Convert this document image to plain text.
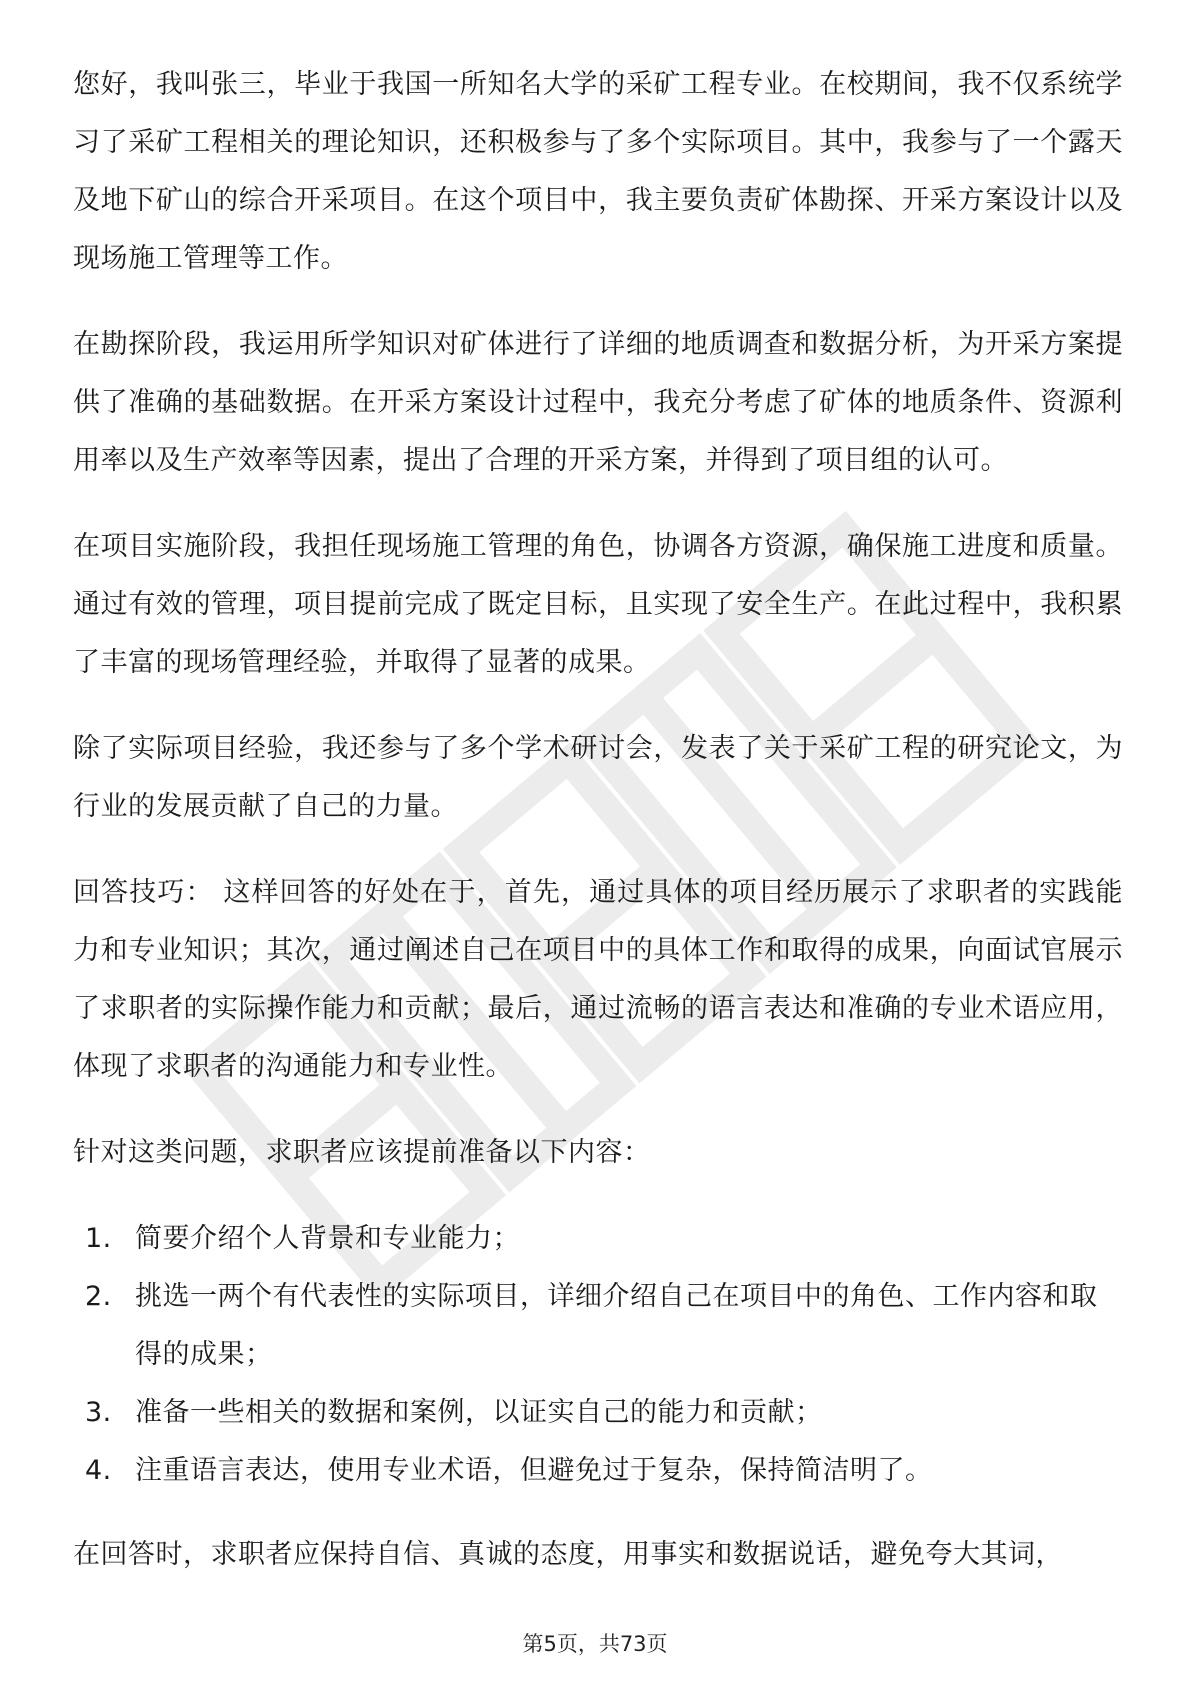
您好，我叫张三，毕业于我国一所知名大学的采矿工程专业。在校期间，我不仅系统学习了采矿工程相关的理论知识，还积极参与了多个实际项目。其中，我参与了一个露天及地下矿山的综合开采项目。在这个项目中，我主要负责矿体勘探、开采方案设计以及现场施工管理等工作。

在勘探阶段，我运用所学知识对矿体进行了详细的地质调查和数据分析，为开采方案提供了准确的基础数据。在开采方案设计过程中，我充分考虑了矿体的地质条件、资源利用率以及生产效率等因素，提出了合理的开采方案，并得到了项目组的认可。

在项目实施阶段，我担任现场施工管理的角色，协调各方资源，确保施工进度和质量。通过有效的管理，项目提前完成了既定目标，且实现了安全生产。在此过程中，我积累了丰富的现场管理经验，并取得了显著的成果。

除了实际项目经验，我还参与了多个学术研讨会，发表了关于采矿工程的研究论文，为行业的发展贡献了自己的力量。

回答技巧： 这样回答的好处在于，首先，通过具体的项目经历展示了求职者的实践能力和专业知识；其次，通过阐述自己在项目中的具体工作和取得的成果，向面试官展示了求职者的实际操作能力和贡献；最后，通过流畅的语言表达和准确的专业术语应用，体现了求职者的沟通能力和专业性。

针对这类问题，求职者应该提前准备以下内容：

1. 简要介绍个人背景和专业能力；
2. 挑选一两个有代表性的实际项目，详细介绍自己在项目中的角色、工作内容和取得的成果；
3. 准备一些相关的数据和案例，以证实自己的能力和贡献；
4. 注重语言表达，使用专业术语，但避免过于复杂，保持简洁明了。

在回答时，求职者应保持自信、真诚的态度，用事实和数据说话，避免夸大其词，

第5页，共73页
